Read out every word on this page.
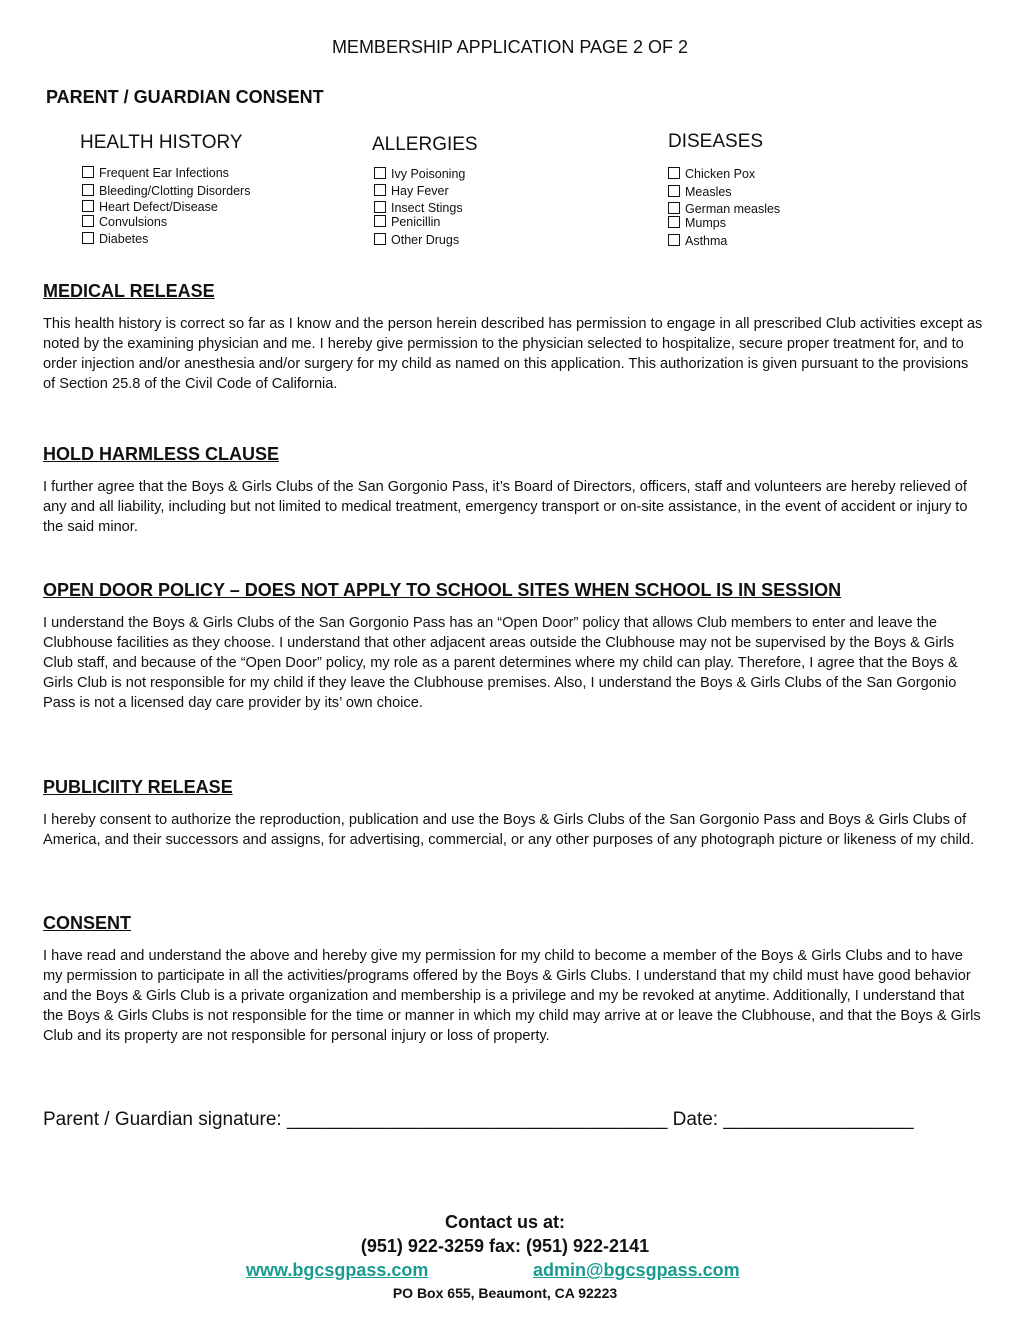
MEMBERSHIP APPLICATION PAGE 2 OF 2
PARENT / GUARDIAN CONSENT
HEALTH HISTORY
Frequent Ear Infections
Bleeding/Clotting Disorders
Heart Defect/Disease
Convulsions
Diabetes
ALLERGIES
Ivy Poisoning
Hay Fever
Insect Stings
Penicillin
Other Drugs
DISEASES
Chicken Pox
Measles
German measles
Mumps
Asthma
MEDICAL RELEASE
This health history is correct so far as I know and the person herein described has permission to engage in all prescribed Club activities except as noted by the examining physician and me. I hereby give permission to the physician selected to hospitalize, secure proper treatment for, and to order injection and/or anesthesia and/or surgery for my child as named on this application. This authorization is given pursuant to the provisions of Section 25.8 of the Civil Code of California.
HOLD HARMLESS CLAUSE
I further agree that the Boys & Girls Clubs of the San Gorgonio Pass, it’s Board of Directors, officers, staff and volunteers are hereby relieved of any and all liability, including but not limited to medical treatment, emergency transport or on-site assistance, in the event of accident or injury to the said minor.
OPEN DOOR POLICY – DOES NOT APPLY TO SCHOOL SITES WHEN SCHOOL IS IN SESSION
I understand the Boys & Girls Clubs of the San Gorgonio Pass has an “Open Door” policy that allows Club members to enter and leave the Clubhouse facilities as they choose. I understand that other adjacent areas outside the Clubhouse may not be supervised by the Boys & Girls Club staff, and because of the “Open Door” policy, my role as a parent determines where my child can play. Therefore, I agree that the Boys & Girls Club is not responsible for my child if they leave the Clubhouse premises. Also, I understand the Boys & Girls Clubs of the San Gorgonio Pass is not a licensed day care provider by its’ own choice.
PUBLICIITY RELEASE
I hereby consent to authorize the reproduction, publication and use the Boys & Girls Clubs of the San Gorgonio Pass and Boys & Girls Clubs of America, and their successors and assigns, for advertising, commercial, or any other purposes of any photograph picture or likeness of my child.
CONSENT
I have read and understand the above and hereby give my permission for my child to become a member of the Boys & Girls Clubs and to have my permission to participate in all the activities/programs offered by the Boys & Girls Clubs. I understand that my child must have good behavior and the Boys & Girls Club is a private organization and membership is a privilege and my be revoked at anytime. Additionally, I understand that the Boys & Girls Clubs is not responsible for the time or manner in which my child may arrive at or leave the Clubhouse, and that the Boys & Girls Club and its property are not responsible for personal injury or loss of property.
Parent / Guardian signature: ____________________________________ Date: __________________
Contact us at:
(951) 922-3259 fax: (951) 922-2141
www.bgcsgpass.com	admin@bgcsgpass.com
PO Box 655, Beaumont, CA 92223
